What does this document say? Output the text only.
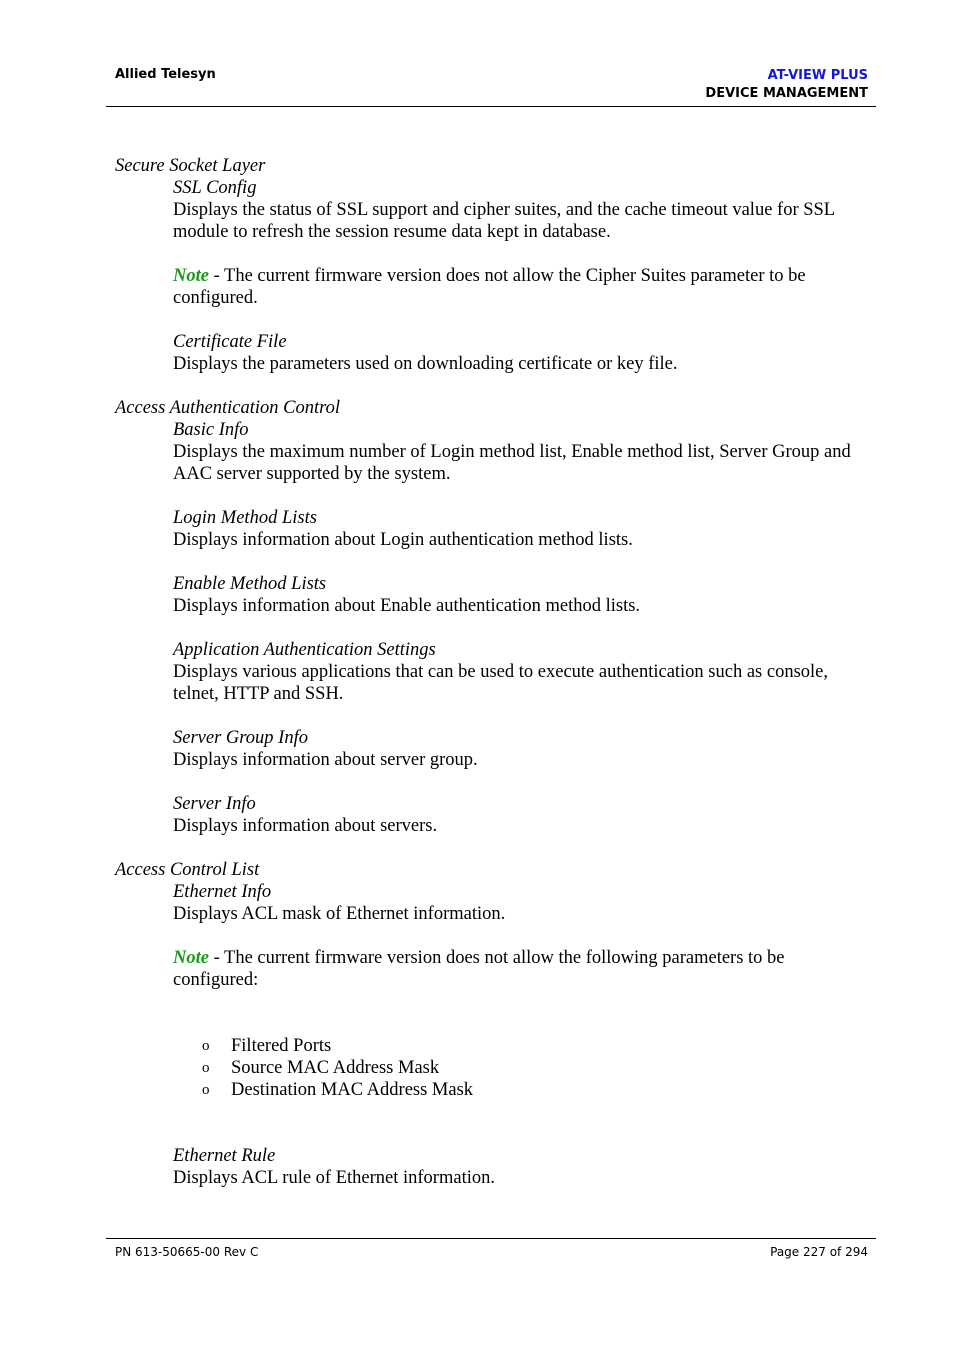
Allied Telesyn	AT-VIEW PLUS
DEVICE MANAGEMENT

Secure Socket Layer

SSL Config

Displays the status of SSL support and cipher suites, and the cache timeout value for SSL module to refresh the session resume data kept in database.

Note - The current firmware version does not allow the Cipher Suites parameter to be configured.

Certificate File

Displays the parameters used on downloading certificate or key file.

Access Authentication Control

Basic Info

Displays the maximum number of Login method list, Enable method list, Server Group and AAC server supported by the system.

Login Method Lists

Displays information about Login authentication method lists.

Enable Method Lists

Displays information about Enable authentication method lists.

Application Authentication Settings

Displays various applications that can be used to execute authentication such as console, telnet, HTTP and SSH.

Server Group Info

Displays information about server group.

Server Info

Displays information about servers.

Access Control List

Ethernet Info

Displays ACL mask of Ethernet information.

Note - The current firmware version does not allow the following parameters to be configured:

o Filtered Ports
o Source MAC Address Mask
o Destination MAC Address Mask

Ethernet Rule

Displays ACL rule of Ethernet information.

PN 613-50665-00 Rev C	Page 227 of 294
